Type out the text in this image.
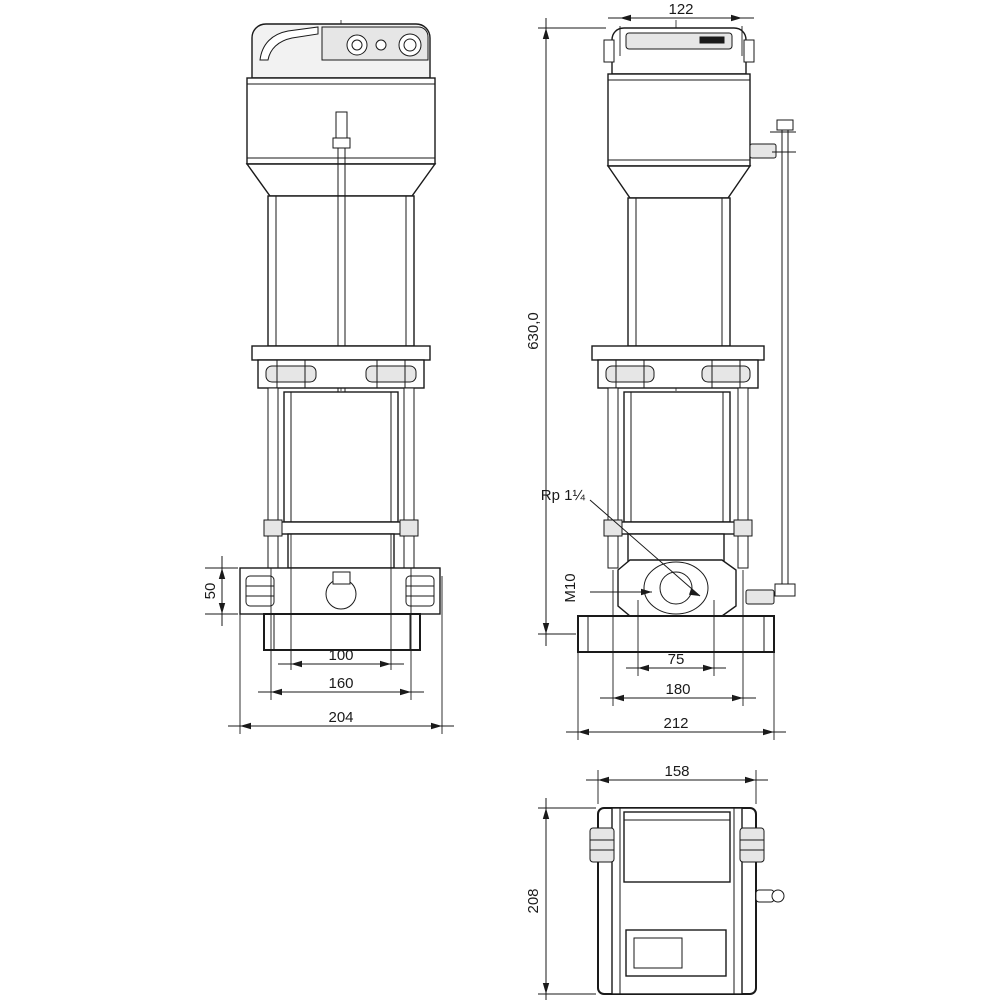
50
100
160
204
122
630,0
Rp 1¼
M10
75
180
212
158
208
